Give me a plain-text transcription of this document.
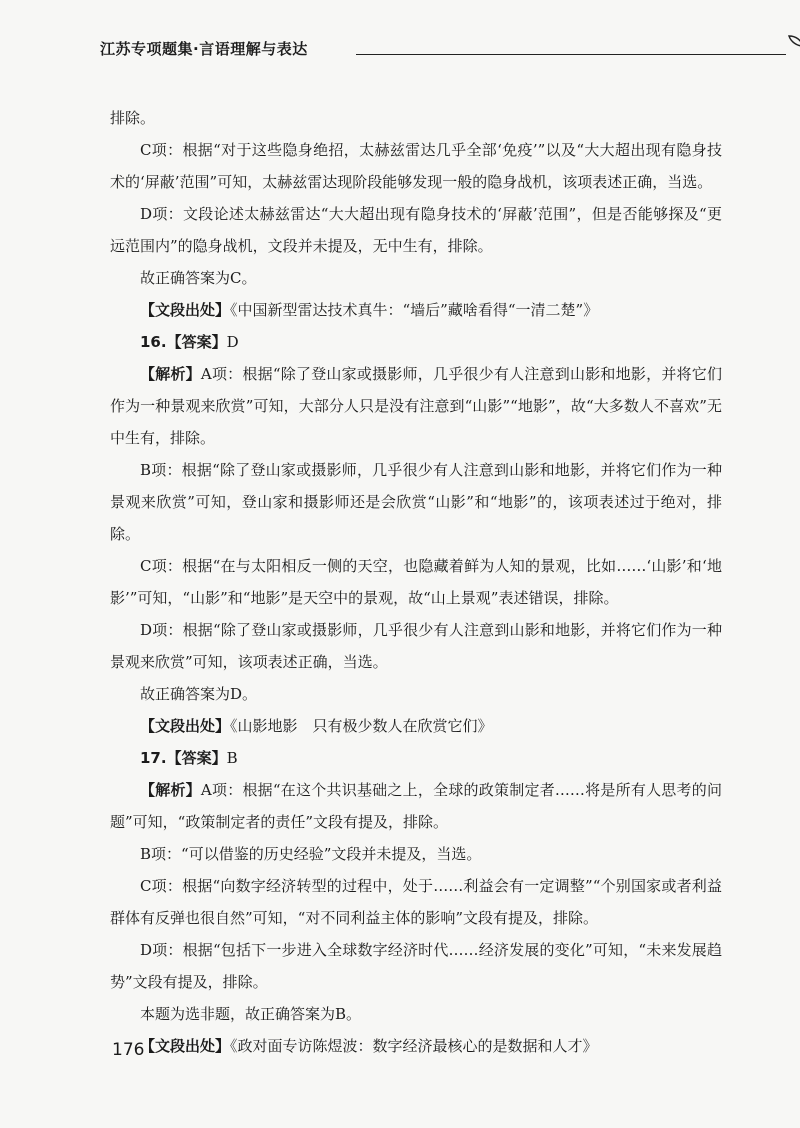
江苏专项题集·言语理解与表达

排除。

C项：根据“对于这些隐身绝招，太赫兹雷达几乎全部‘免疫’”以及“大大超出现有隐身技术的‘屏蔽’范围”可知，太赫兹雷达现阶段能够发现一般的隐身战机，该项表述正确，当选。

D项：文段论述太赫兹雷达“大大超出现有隐身技术的‘屏蔽’范围”，但是否能够探及“更远范围内”的隐身战机，文段并未提及，无中生有，排除。

故正确答案为C。

【文段出处】《中国新型雷达技术真牛：“墙后”藏啥看得“一清二楚”》

16.【答案】D

【解析】A项：根据“除了登山家或摄影师，几乎很少有人注意到山影和地影，并将它们作为一种景观来欣赏”可知，大部分人只是没有注意到“山影”“地影”，故“大多数人不喜欢”无中生有，排除。

B项：根据“除了登山家或摄影师，几乎很少有人注意到山影和地影，并将它们作为一种景观来欣赏”可知，登山家和摄影师还是会欣赏“山影”和“地影”的，该项表述过于绝对，排除。

C项：根据“在与太阳相反一侧的天空，也隐藏着鲜为人知的景观，比如……‘山影’和‘地影’”可知，“山影”和“地影”是天空中的景观，故“山上景观”表述错误，排除。

D项：根据“除了登山家或摄影师，几乎很少有人注意到山影和地影，并将它们作为一种景观来欣赏”可知，该项表述正确，当选。

故正确答案为D。

【文段出处】《山影地影　只有极少数人在欣赏它们》

17.【答案】B

【解析】A项：根据“在这个共识基础之上，全球的政策制定者……将是所有人思考的问题”可知，“政策制定者的责任”文段有提及，排除。

B项：“可以借鉴的历史经验”文段并未提及，当选。

C项：根据“向数字经济转型的过程中，处于……利益会有一定调整”“个别国家或者利益群体有反弹也很自然”可知，“对不同利益主体的影响”文段有提及，排除。

D项：根据“包括下一步进入全球数字经济时代……经济发展的变化”可知，“未来发展趋势”文段有提及，排除。

本题为选非题，故正确答案为B。

【文段出处】《政对面专访陈煜波：数字经济最核心的是数据和人才》

176
